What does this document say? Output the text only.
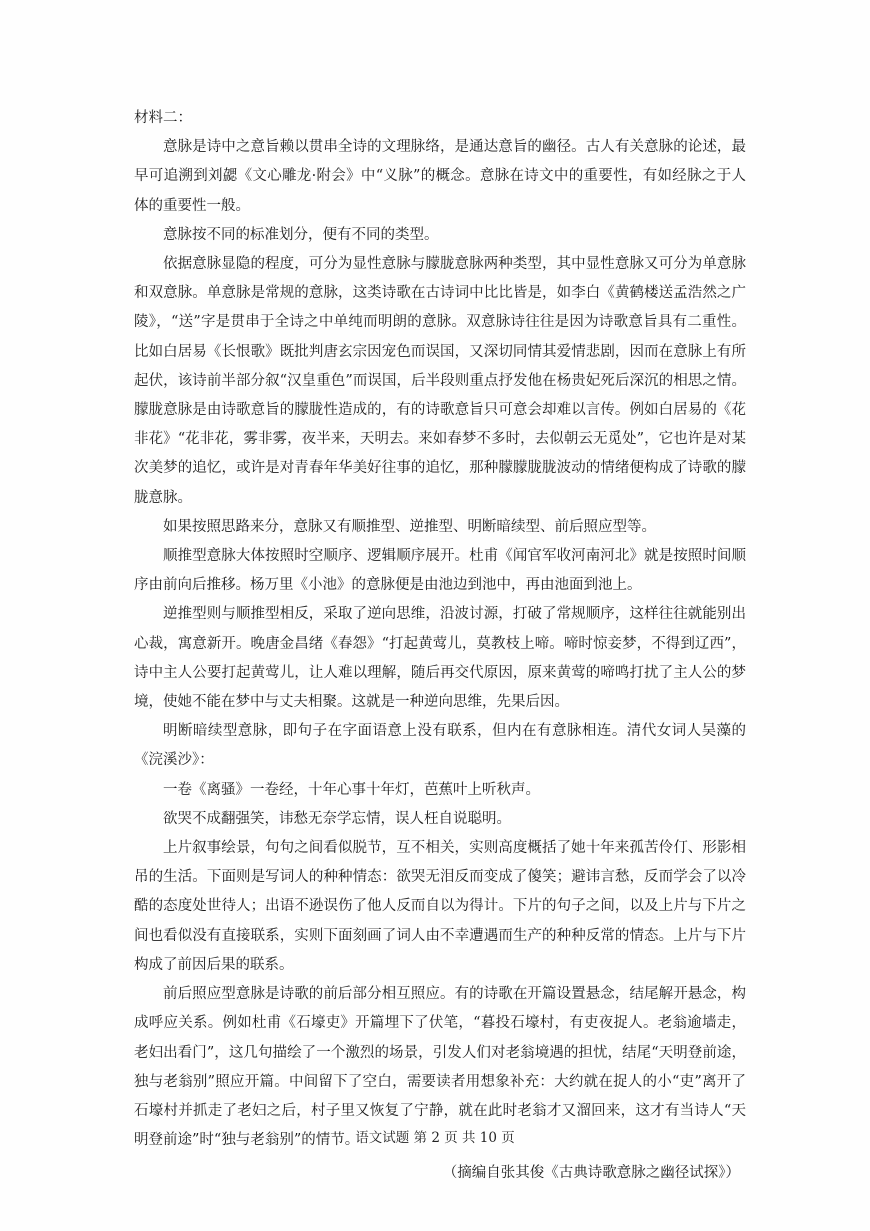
材料二：

意脉是诗中之意旨赖以贯串全诗的文理脉络，是通达意旨的幽径。古人有关意脉的论述，最早可追溯到刘勰《文心雕龙·附会》中“义脉”的概念。意脉在诗文中的重要性，有如经脉之于人体的重要性一般。

意脉按不同的标准划分，便有不同的类型。

依据意脉显隐的程度，可分为显性意脉与朦胧意脉两种类型，其中显性意脉又可分为单意脉和双意脉。单意脉是常规的意脉，这类诗歌在古诗词中比比皆是，如李白《黄鹤楼送孟浩然之广陵》，“送”字是贯串于全诗之中单纯而明朗的意脉。双意脉诗往往是因为诗歌意旨具有二重性。比如白居易《长恨歌》既批判唐玄宗因宠色而误国，又深切同情其爱情悲剧，因而在意脉上有所起伏，该诗前半部分叙“汉皇重色”而误国，后半段则重点抒发他在杨贵妃死后深沉的相思之情。朦胧意脉是由诗歌意旨的朦胧性造成的，有的诗歌意旨只可意会却难以言传。例如白居易的《花非花》“花非花，雾非雾，夜半来，天明去。来如春梦不多时，去似朝云无觅处”，它也许是对某次美梦的追忆，或许是对青春年华美好往事的追忆，那种朦朦胧胧波动的情绪便构成了诗歌的朦胧意脉。

如果按照思路来分，意脉又有顺推型、逆推型、明断暗续型、前后照应型等。

顺推型意脉大体按照时空顺序、逻辑顺序展开。杜甫《闻官军收河南河北》就是按照时间顺序由前向后推移。杨万里《小池》的意脉便是由池边到池中，再由池面到池上。

逆推型则与顺推型相反，采取了逆向思维，沿波讨源，打破了常规顺序，这样往往就能别出心裁，寓意新开。晚唐金昌绪《春怨》“打起黄莺儿，莫教枝上啼。啼时惊妾梦，不得到辽西”，诗中主人公要打起黄莺儿，让人难以理解，随后再交代原因，原来黄莺的啼鸣打扰了主人公的梦境，使她不能在梦中与丈夫相聚。这就是一种逆向思维，先果后因。

明断暗续型意脉，即句子在字面语意上没有联系，但内在有意脉相连。清代女词人吴藻的《浣溪沙》：

一卷《离骚》一卷经，十年心事十年灯，芭蕉叶上听秋声。

欲哭不成翻强笑，讳愁无奈学忘情，误人枉自说聪明。

上片叙事绘景，句句之间看似脱节，互不相关，实则高度概括了她十年来孤苦伶仃、形影相吊的生活。下面则是写词人的种种情态：欲哭无泪反而变成了傻笑；避讳言愁，反而学会了以冷酷的态度处世待人；出语不逊误伤了他人反而自以为得计。下片的句子之间，以及上片与下片之间也看似没有直接联系，实则下面刻画了词人由不幸遭遇而生产的种种反常的情态。上片与下片构成了前因后果的联系。

前后照应型意脉是诗歌的前后部分相互照应。有的诗歌在开篇设置悬念，结尾解开悬念，构成呼应关系。例如杜甫《石壕吏》开篇埋下了伏笔，“暮投石壕村，有吏夜捉人。老翁逾墙走，老妇出看门”，这几句描绘了一个激烈的场景，引发人们对老翁境遇的担忧，结尾“天明登前途，独与老翁别”照应开篇。中间留下了空白，需要读者用想象补充：大约就在捉人的小“吏”离开了石壕村并抓走了老妇之后，村子里又恢复了宁静，就在此时老翁才又溜回来，这才有当诗人“天明登前途”时“独与老翁别”的情节。

（摘编自张其俊《古典诗歌意脉之幽径试探》）

语文试题 第 2 页 共 10 页
